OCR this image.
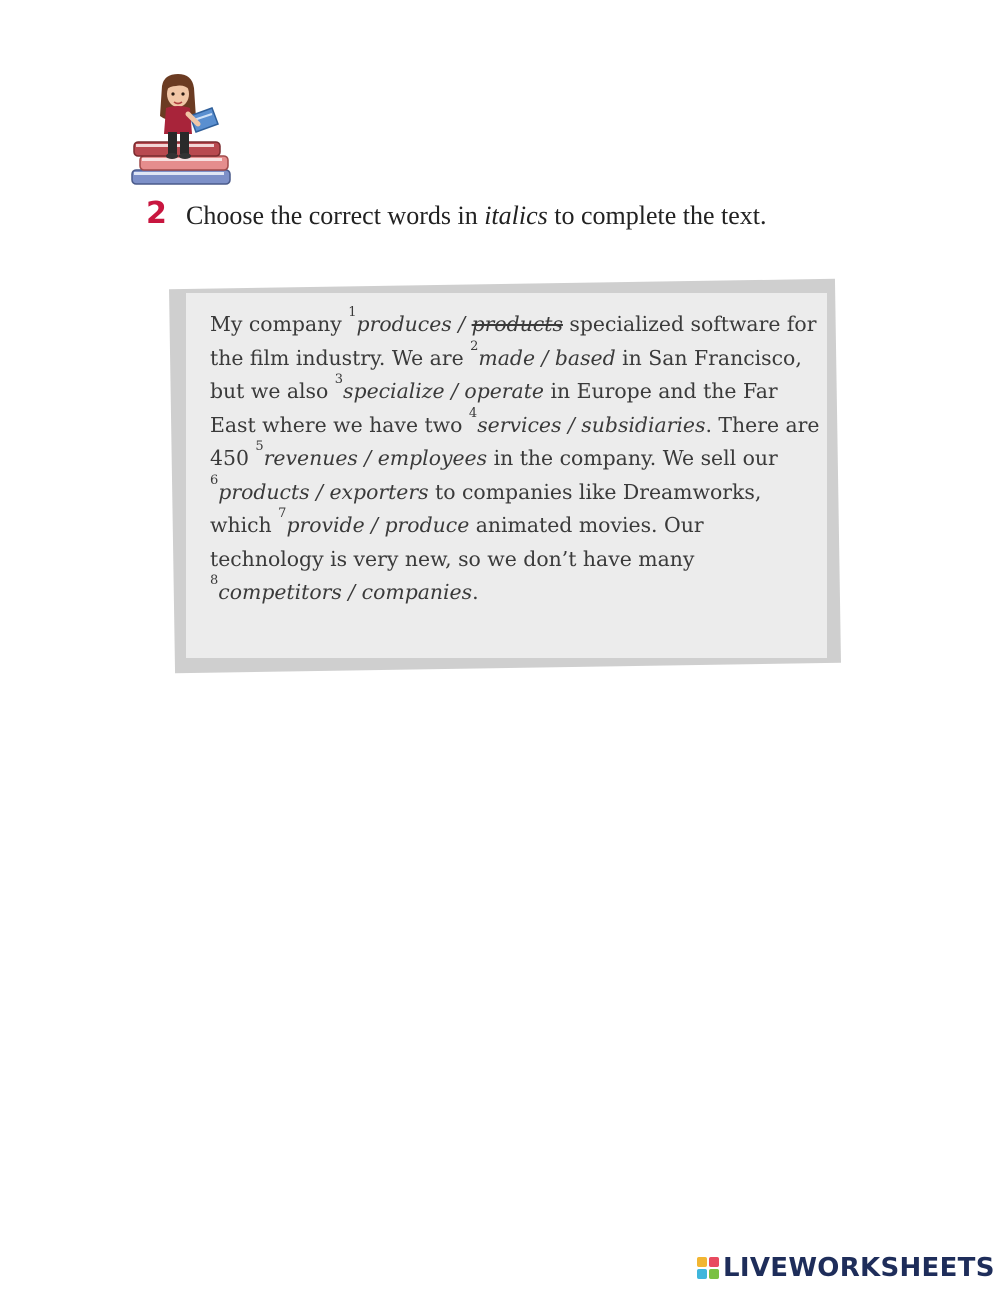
2 Choose the correct words in italics to complete the text.

My company $^1$produces / products specialized software for the film industry. We are $^2$made / based in San Francisco, but we also $^3$specialize / operate in Europe and the Far East where we have two $^4$services / subsidiaries. There are 450 $^5$revenues / employees in the company. We sell our $^6$products / exporters to companies like Dreamworks, which $^7$provide / produce animated movies. Our technology is very new, so we don’t have many $^8$competitors / companies.

LIVEWORKSHEETS
